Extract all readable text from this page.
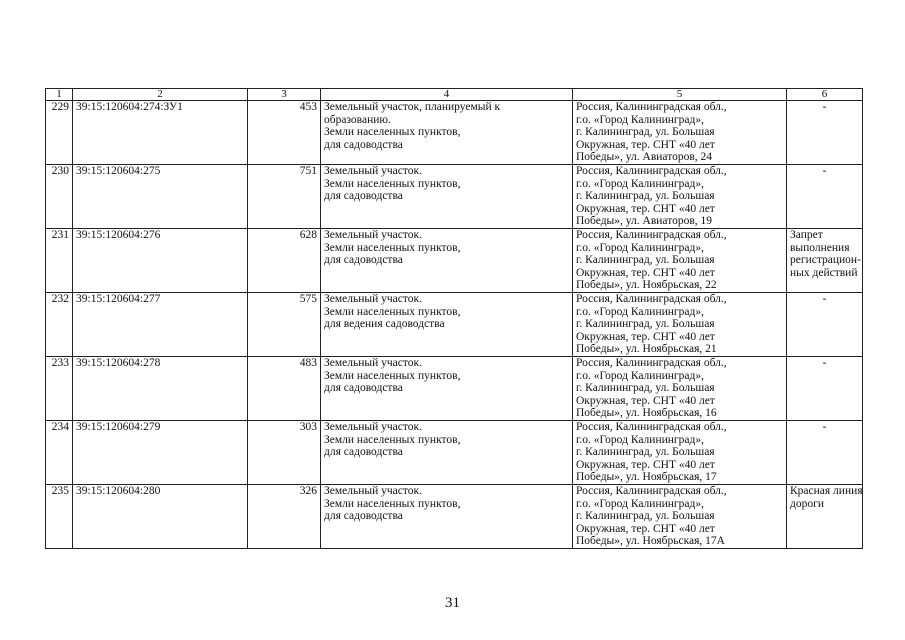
1	2	3	4	5	6
229	39:15:120604:274:ЗУ1	453	Земельный участок, планируемый к
образованию.
Земли населенных пунктов,
для садоводства	Россия, Калининградская обл.,
г.о. «Город Калининград»,
г. Калининград, ул. Большая
Окружная, тер. СНТ «40 лет
Победы», ул. Авиаторов, 24	-
230	39:15:120604:275	751	Земельный участок.
Земли населенных пунктов,
для садоводства	Россия, Калининградская обл.,
г.о. «Город Калининград»,
г. Калининград, ул. Большая
Окружная, тер. СНТ «40 лет
Победы», ул. Авиаторов, 19	-
231	39:15:120604:276	628	Земельный участок.
Земли населенных пунктов,
для садоводства	Россия, Калининградская обл.,
г.о. «Город Калининград»,
г. Калининград, ул. Большая
Окружная, тер. СНТ «40 лет
Победы», ул. Ноябрьская, 22	Запрет
выполнения
регистрацион-
ных действий

232	39:15:120604:277	575	Земельный участок.
Земли населенных пунктов,
для ведения садоводства	Россия, Калининградская обл.,
г.о. «Город Калининград»,
г. Калининград, ул. Большая
Окружная, тер. СНТ «40 лет
Победы», ул. Ноябрьская, 21	-
233	39:15:120604:278	483	Земельный участок.
Земли населенных пунктов,
для садоводства	Россия, Калининградская обл.,
г.о. «Город Калининград»,
г. Калининград, ул. Большая
Окружная, тер. СНТ «40 лет
Победы», ул. Ноябрьская, 16	-
234	39:15:120604:279	303	Земельный участок.
Земли населенных пунктов,
для садоводства	Россия, Калининградская обл.,
г.о. «Город Калининград»,
г. Калининград, ул. Большая
Окружная, тер. СНТ «40 лет
Победы», ул. Ноябрьская, 17	-
235	39:15:120604:280	326	Земельный участок.
Земли населенных пунктов,
для садоводства	Россия, Калининградская обл.,
г.о. «Город Калининград»,
г. Калининград, ул. Большая
Окружная, тер. СНТ «40 лет
Победы», ул. Ноябрьская, 17А	Красная линия
дороги
31
